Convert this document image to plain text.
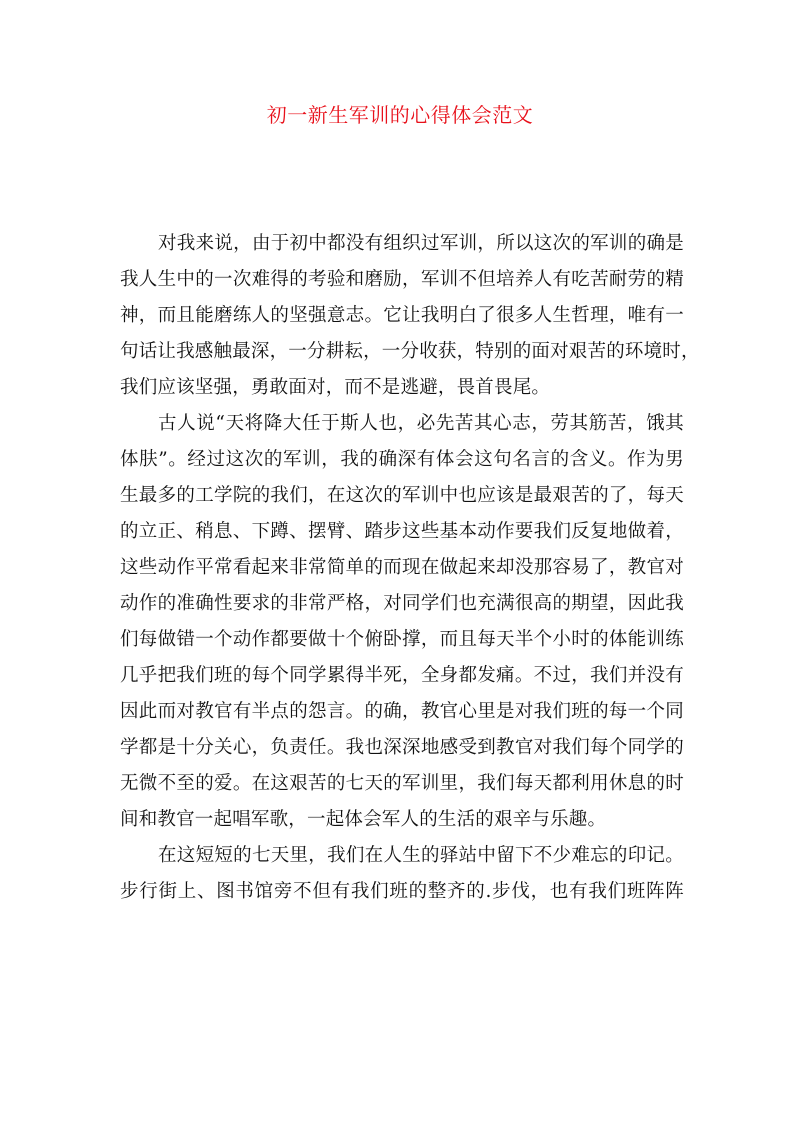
初一新生军训的心得体会范文
对我来说，由于初中都没有组织过军训，所以这次的军训的确是
我人生中的一次难得的考验和磨励，军训不但培养人有吃苦耐劳的精
神，而且能磨练人的坚强意志。它让我明白了很多人生哲理，唯有一
句话让我感触最深，一分耕耘，一分收获，特别的面对艰苦的环境时，
我们应该坚强，勇敢面对，而不是逃避，畏首畏尾。
古人说“天将降大任于斯人也，必先苦其心志，劳其筋苦，饿其
体肤”。经过这次的军训，我的确深有体会这句名言的含义。作为男
生最多的工学院的我们，在这次的军训中也应该是最艰苦的了，每天
的立正、稍息、下蹲、摆臂、踏步这些基本动作要我们反复地做着，
这些动作平常看起来非常简单的而现在做起来却没那容易了，教官对
动作的准确性要求的非常严格，对同学们也充满很高的期望，因此我
们每做错一个动作都要做十个俯卧撑，而且每天半个小时的体能训练
几乎把我们班的每个同学累得半死，全身都发痛。不过，我们并没有
因此而对教官有半点的怨言。的确，教官心里是对我们班的每一个同
学都是十分关心，负责任。我也深深地感受到教官对我们每个同学的
无微不至的爱。在这艰苦的七天的军训里，我们每天都利用休息的时
间和教官一起唱军歌，一起体会军人的生活的艰辛与乐趣。
在这短短的七天里，我们在人生的驿站中留下不少难忘的印记。
步行街上、图书馆旁不但有我们班的整齐的.步伐，也有我们班阵阵
